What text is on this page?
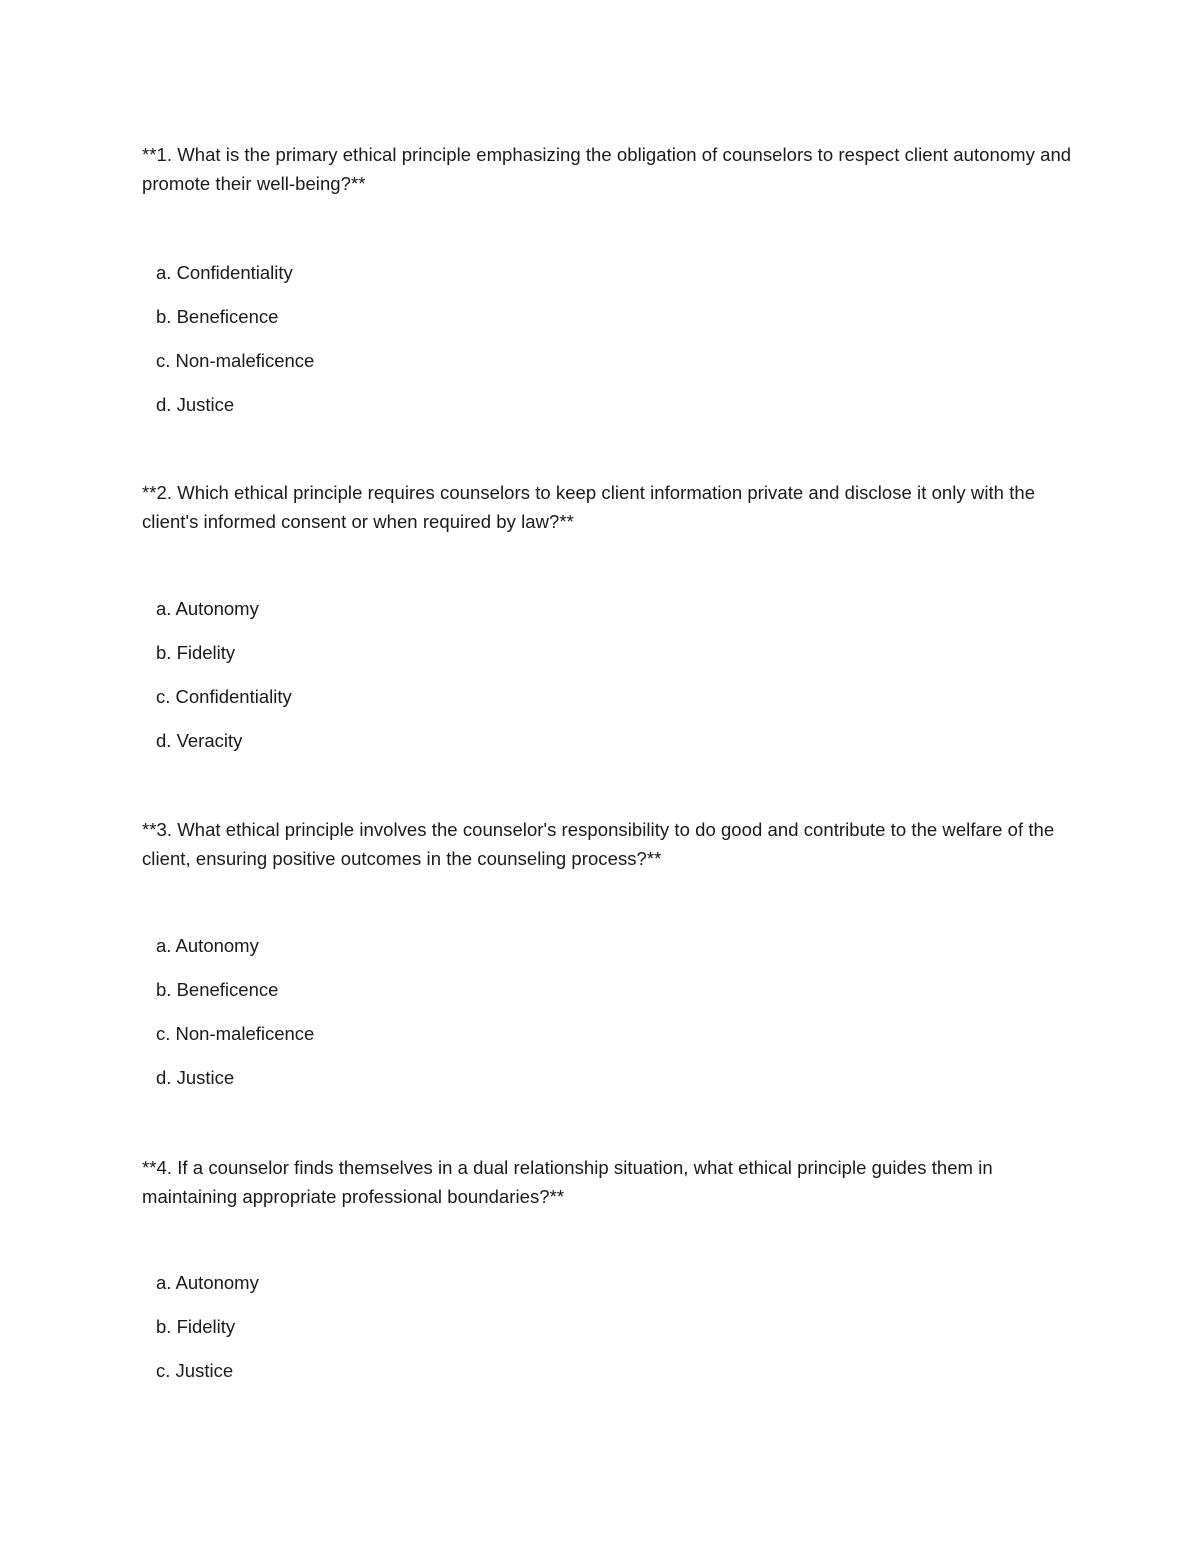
**1. What is the primary ethical principle emphasizing the obligation of counselors to respect client autonomy and promote their well-being?**

a. Confidentiality
b. Beneficence
c. Non-maleficence
d. Justice

**2. Which ethical principle requires counselors to keep client information private and disclose it only with the client's informed consent or when required by law?**

a. Autonomy
b. Fidelity
c. Confidentiality
d. Veracity

**3. What ethical principle involves the counselor's responsibility to do good and contribute to the welfare of the client, ensuring positive outcomes in the counseling process?**

a. Autonomy
b. Beneficence
c. Non-maleficence
d. Justice

**4. If a counselor finds themselves in a dual relationship situation, what ethical principle guides them in maintaining appropriate professional boundaries?**

a. Autonomy
b. Fidelity
c. Justice
